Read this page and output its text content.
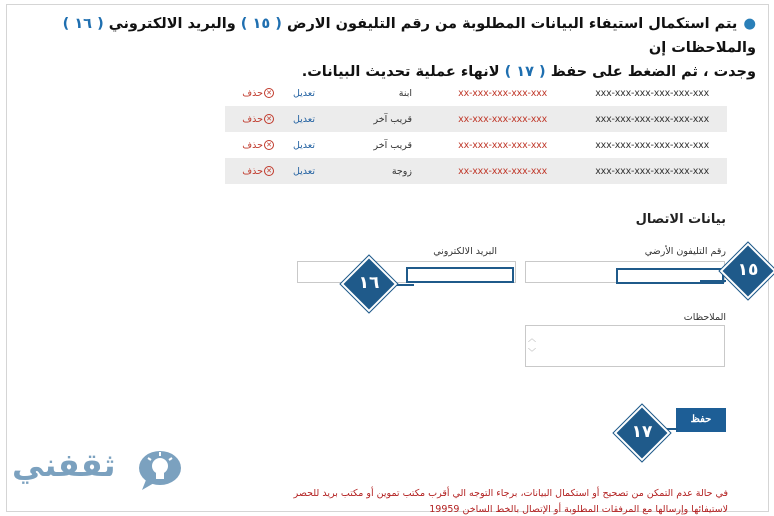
●يتم استكمال استيفاء البيانات المطلوبة من رقم التليفون الارض ( ١٥ ) والبريد الالكتروني ( ١٦ ) والملاحظات إن
وجدت ، ثم الضغط على حفظ ( ١٧ ) لانهاء عملية تحديث البيانات.
xxx-xxx-xxx-xxx-xxx-xxx
xx-xxx-xxx-xxx-xxx
ابنة
تعديل
✕حذف
xxx-xxx-xxx-xxx-xxx-xxx
xx-xxx-xxx-xxx-xxx
قريب آخر
تعديل
✕حذف
xxx-xxx-xxx-xxx-xxx-xxx
xx-xxx-xxx-xxx-xxx
قريب آخر
تعديل
✕حذف
xxx-xxx-xxx-xxx-xxx-xxx
xx-xxx-xxx-xxx-xxx
زوجة
تعديل
✕حذف
بيانات الاتصال
رقم التليفون الأرضي
البريد الالكتروني
الملاحظات
︿
﹀
حفظ
١٥
١٦
١٧
ثقفني
في حالة عدم التمكن من تصحيح أو استكمال البيانات، برجاء التوجه الي أقرب مكتب تموين أو مكتب بريد للحصر
لاستيفائها وإرسالها مع المرفقات المطلوبة أو الإتصال بالخط الساخن 19959
